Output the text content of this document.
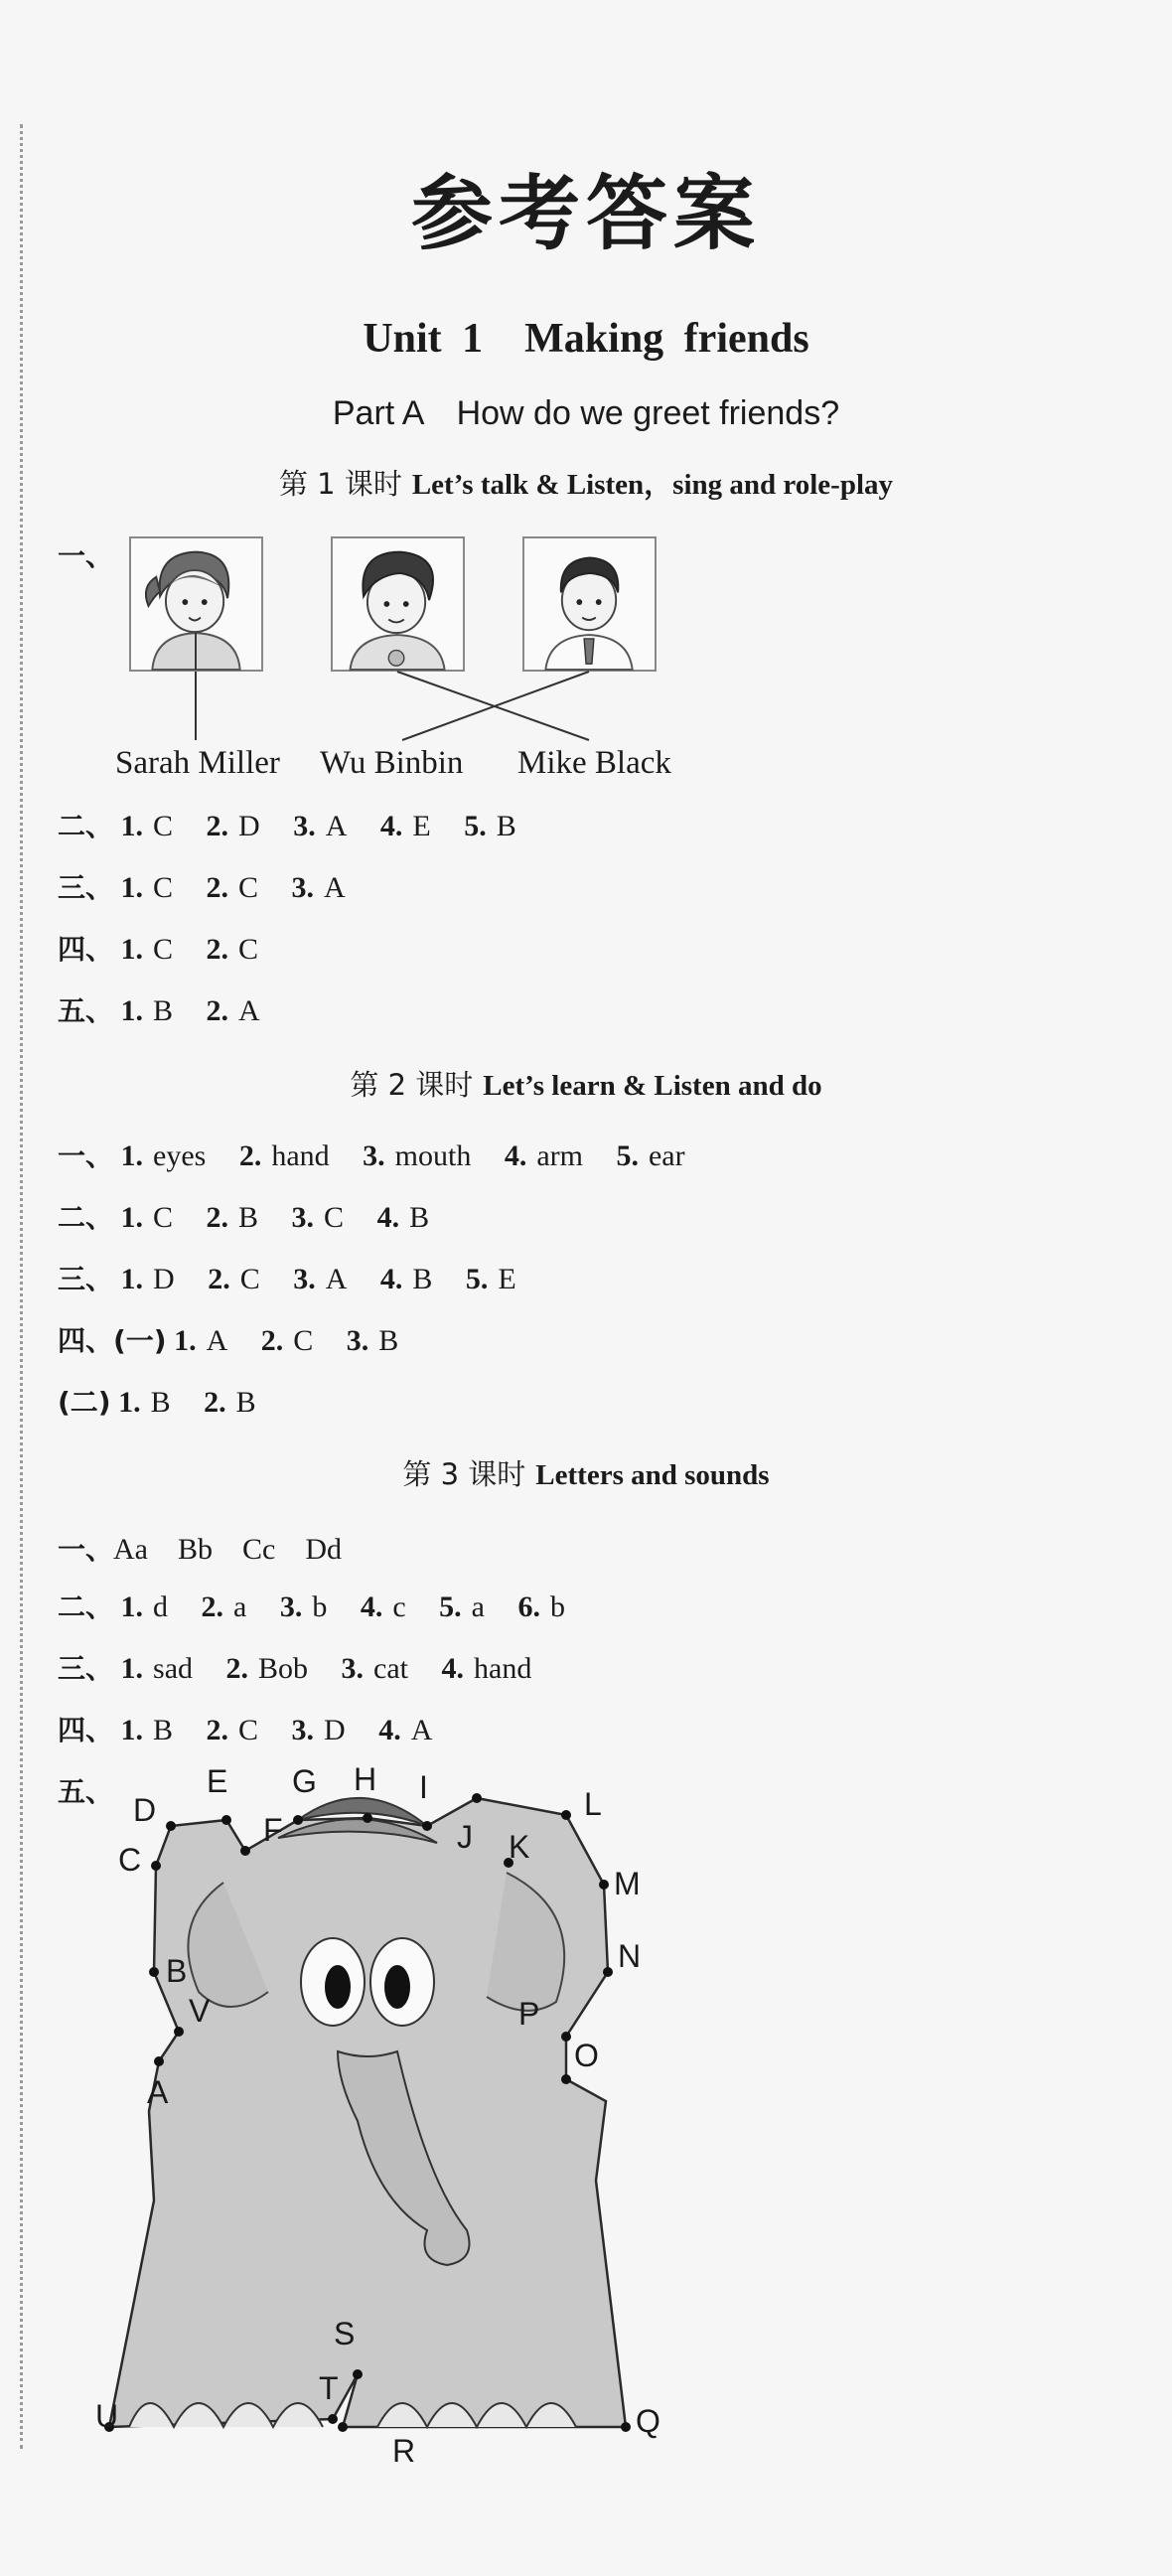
参考答案
Unit 1　Making friends
Part A　How do we greet friends?
第 1 课时 Let’s talk & Listen，sing and role-play
一、
Sarah Miller Wu Binbin Mike Black
二、 1. C 2. D 3. A 4. E 5. B
三、 1. C 2. C 3. A
四、 1. C 2. C
五、 1. B 2. A
第 2 课时 Let’s learn & Listen and do
一、 1. eyes 2. hand 3. mouth 4. arm 5. ear
二、 1. C 2. B 3. C 4. B
三、 1. D 2. C 3. A 4. B 5. E
四、(一) 1. A 2. C 3. B
(二) 1. B 2. B
第 3 课时 Letters and sounds
一、Aa　Bb　Cc　Dd
二、 1. d 2. a 3. b 4. c 5. a 6. b
三、 1. sad 2. Bob 3. cat 4. hand
四、 1. B 2. C 3. D 4. A
五、
A
B
C
D
E
F
G H I
J K
L
M
N
O
P
Q
R
S
T
U
V
